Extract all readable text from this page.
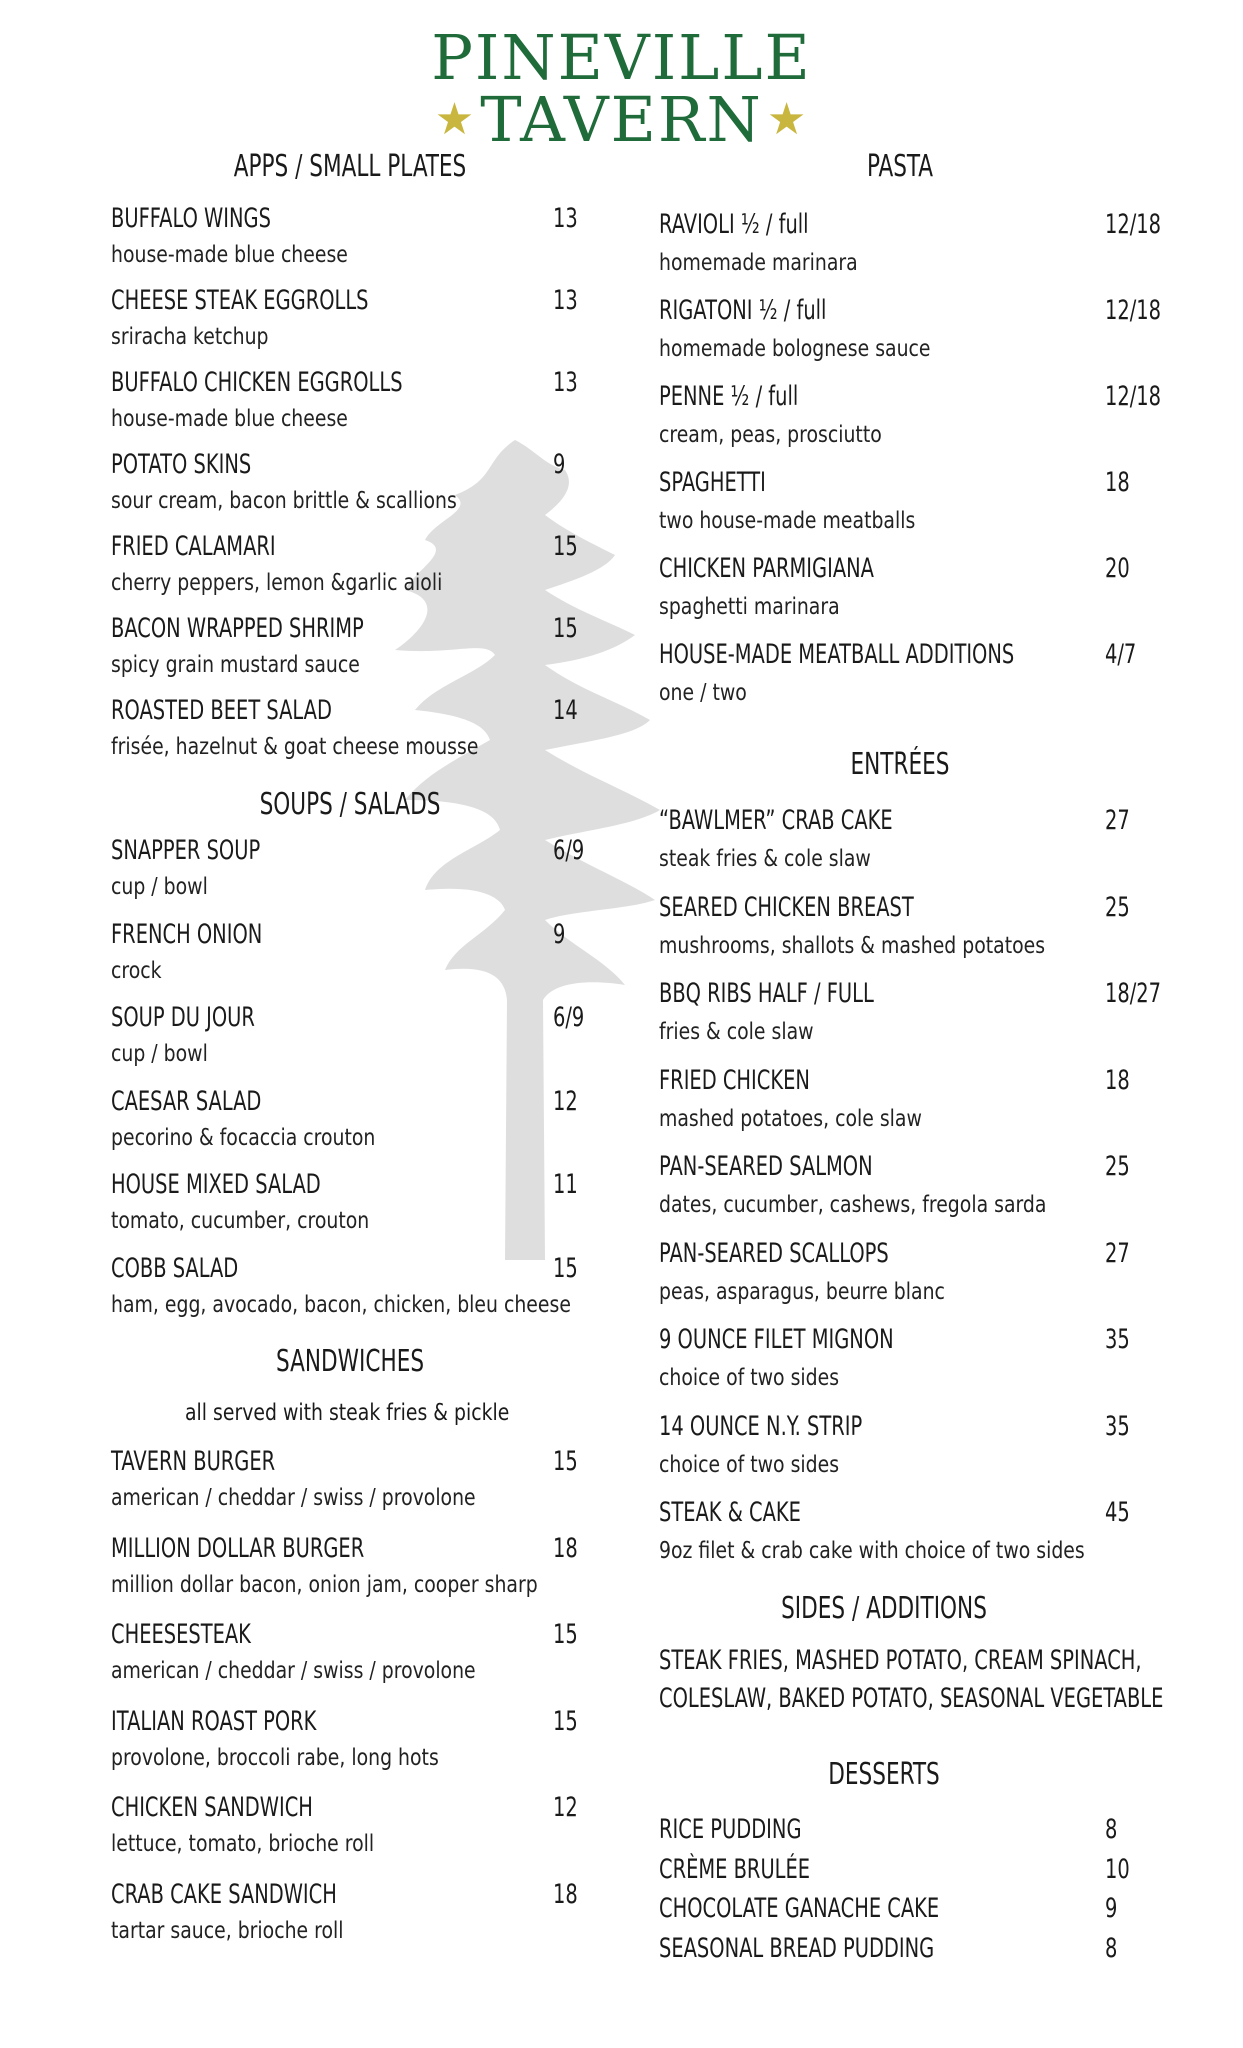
PINEVILLE
★ TAVERN ★
APPS / SMALL PLATES
BUFFALO WINGS	13
house-made blue cheese
CHEESE STEAK EGGROLLS	13
sriracha ketchup
BUFFALO CHICKEN EGGROLLS	13
house-made blue cheese
POTATO SKINS	9
sour cream, bacon brittle & scallions
FRIED CALAMARI	15
cherry peppers, lemon &garlic aioli
BACON WRAPPED SHRIMP	15
spicy grain mustard sauce
ROASTED BEET SALAD	14
frisée, hazelnut & goat cheese mousse
SOUPS / SALADS
SNAPPER SOUP	6/9
cup / bowl
FRENCH ONION	9
crock
SOUP DU JOUR	6/9
cup / bowl
CAESAR SALAD	12
pecorino & focaccia crouton
HOUSE MIXED SALAD	11
tomato, cucumber, crouton
COBB SALAD	15
ham, egg, avocado, bacon, chicken, bleu cheese
SANDWICHES
all served with steak fries & pickle
TAVERN BURGER	15
american / cheddar / swiss / provolone
MILLION DOLLAR BURGER	18
million dollar bacon, onion jam, cooper sharp
CHEESESTEAK	15
american / cheddar / swiss / provolone
ITALIAN ROAST PORK	15
provolone, broccoli rabe, long hots
CHICKEN SANDWICH	12
lettuce, tomato, brioche roll
CRAB CAKE SANDWICH	18
tartar sauce, brioche roll
PASTA
RAVIOLI ½ / full	12/18
homemade marinara
RIGATONI ½ / full	12/18
homemade bolognese sauce
PENNE ½ / full	12/18
cream, peas, prosciutto
SPAGHETTI	18
two house-made meatballs
CHICKEN PARMIGIANA	20
spaghetti marinara
HOUSE-MADE MEATBALL ADDITIONS	4/7
one / two
ENTRÉES
“BAWLMER” CRAB CAKE	27
steak fries & cole slaw
SEARED CHICKEN BREAST	25
mushrooms, shallots & mashed potatoes
BBQ RIBS HALF / FULL	18/27
fries & cole slaw
FRIED CHICKEN	18
mashed potatoes, cole slaw
PAN-SEARED SALMON	25
dates, cucumber, cashews, fregola sarda
PAN-SEARED SCALLOPS	27
peas, asparagus, beurre blanc
9 OUNCE FILET MIGNON	35
choice of two sides
14 OUNCE N.Y. STRIP	35
choice of two sides
STEAK & CAKE	45
9oz filet & crab cake with choice of two sides
SIDES / ADDITIONS
STEAK FRIES, MASHED POTATO, CREAM SPINACH,
COLESLAW, BAKED POTATO, SEASONAL VEGETABLE
DESSERTS
RICE PUDDING	8
CRÈME BRULÉE	10
CHOCOLATE GANACHE CAKE	9
SEASONAL BREAD PUDDING	8
